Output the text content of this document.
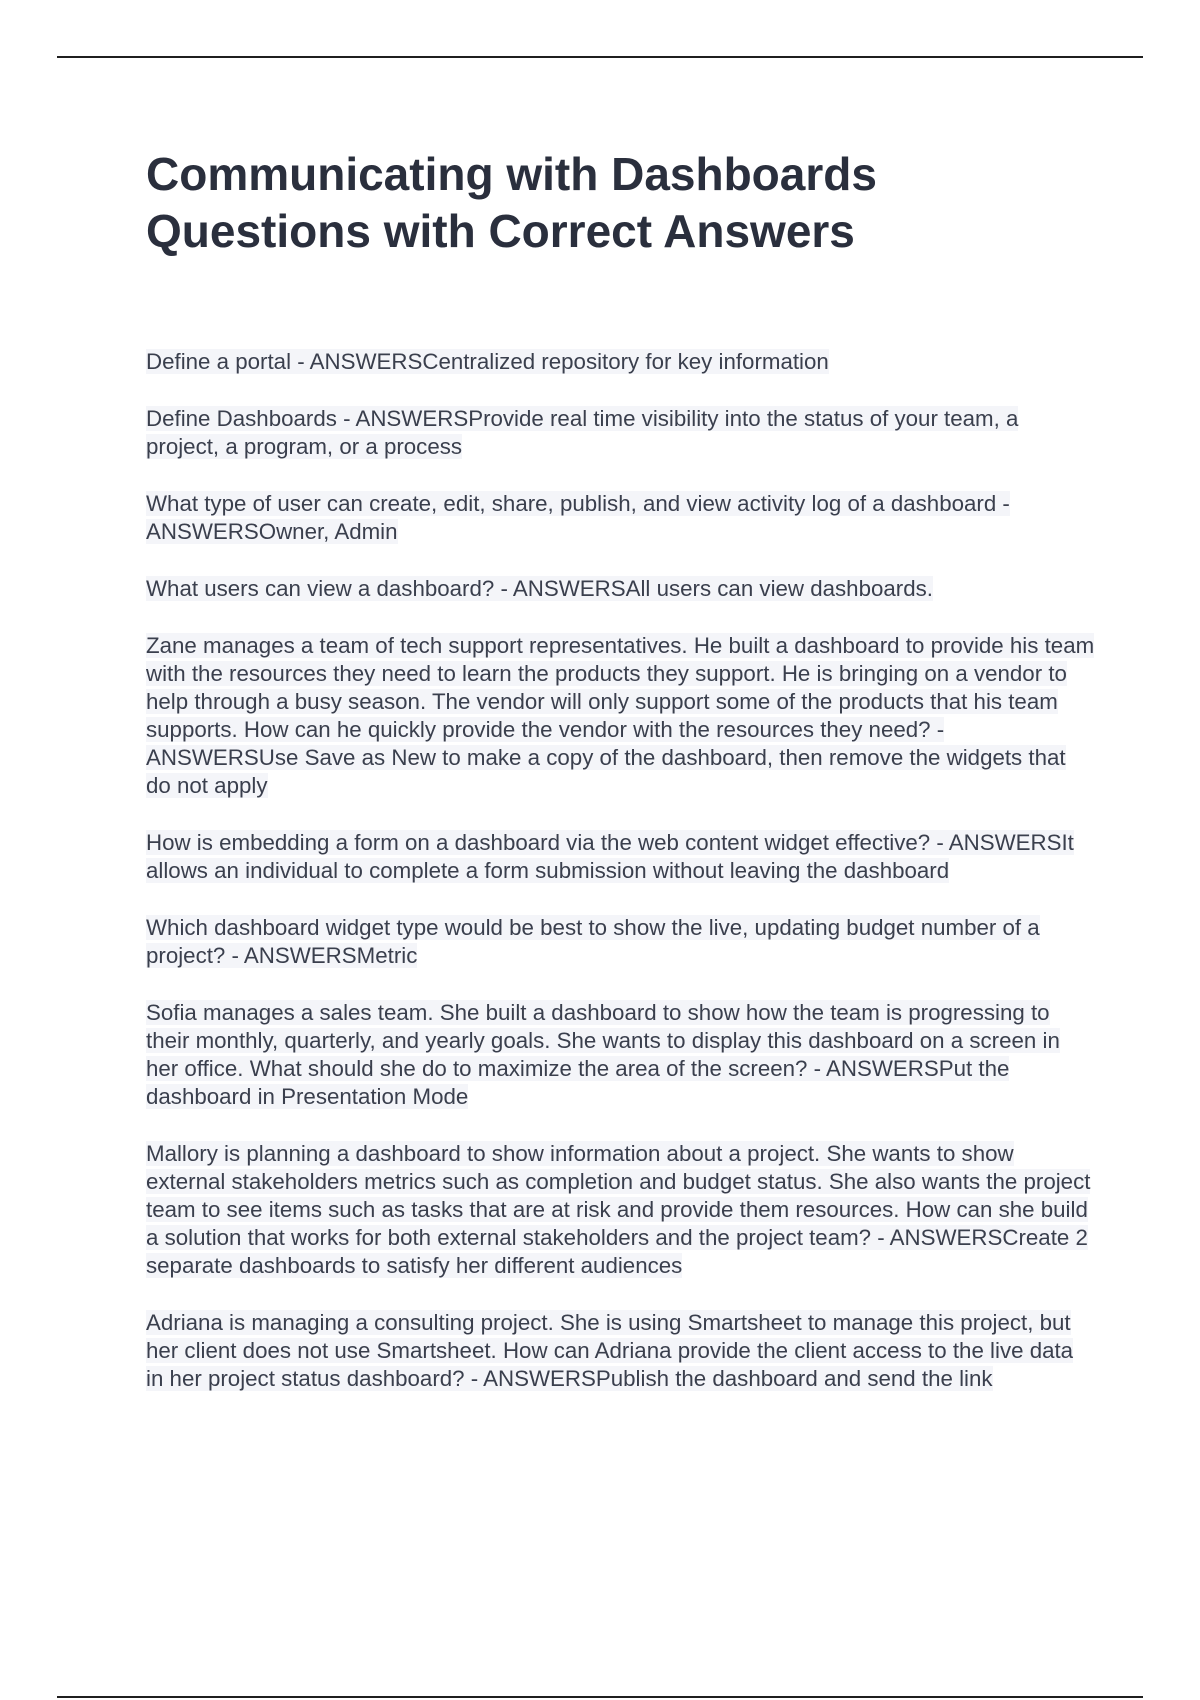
Communicating with Dashboards Questions with Correct Answers
Define a portal - ANSWERSCentralized repository for key information
Define Dashboards - ANSWERSProvide real time visibility into the status of your team, a project, a program, or a process
What type of user can create, edit, share, publish, and view activity log of a dashboard - ANSWERSOwner, Admin
What users can view a dashboard? - ANSWERSAll users can view dashboards.
Zane manages a team of tech support representatives. He built a dashboard to provide his team with the resources they need to learn the products they support. He is bringing on a vendor to help through a busy season. The vendor will only support some of the products that his team supports. How can he quickly provide the vendor with the resources they need? - ANSWERSUse Save as New to make a copy of the dashboard, then remove the widgets that do not apply
How is embedding a form on a dashboard via the web content widget effective? - ANSWERSIt allows an individual to complete a form submission without leaving the dashboard
Which dashboard widget type would be best to show the live, updating budget number of a project? - ANSWERSMetric
Sofia manages a sales team. She built a dashboard to show how the team is progressing to their monthly, quarterly, and yearly goals. She wants to display this dashboard on a screen in her office. What should she do to maximize the area of the screen? - ANSWERSPut the dashboard in Presentation Mode
Mallory is planning a dashboard to show information about a project. She wants to show external stakeholders metrics such as completion and budget status. She also wants the project team to see items such as tasks that are at risk and provide them resources. How can she build a solution that works for both external stakeholders and the project team? - ANSWERSCreate 2 separate dashboards to satisfy her different audiences
Adriana is managing a consulting project. She is using Smartsheet to manage this project, but her client does not use Smartsheet. How can Adriana provide the client access to the live data in her project status dashboard? - ANSWERSPublish the dashboard and send the link
